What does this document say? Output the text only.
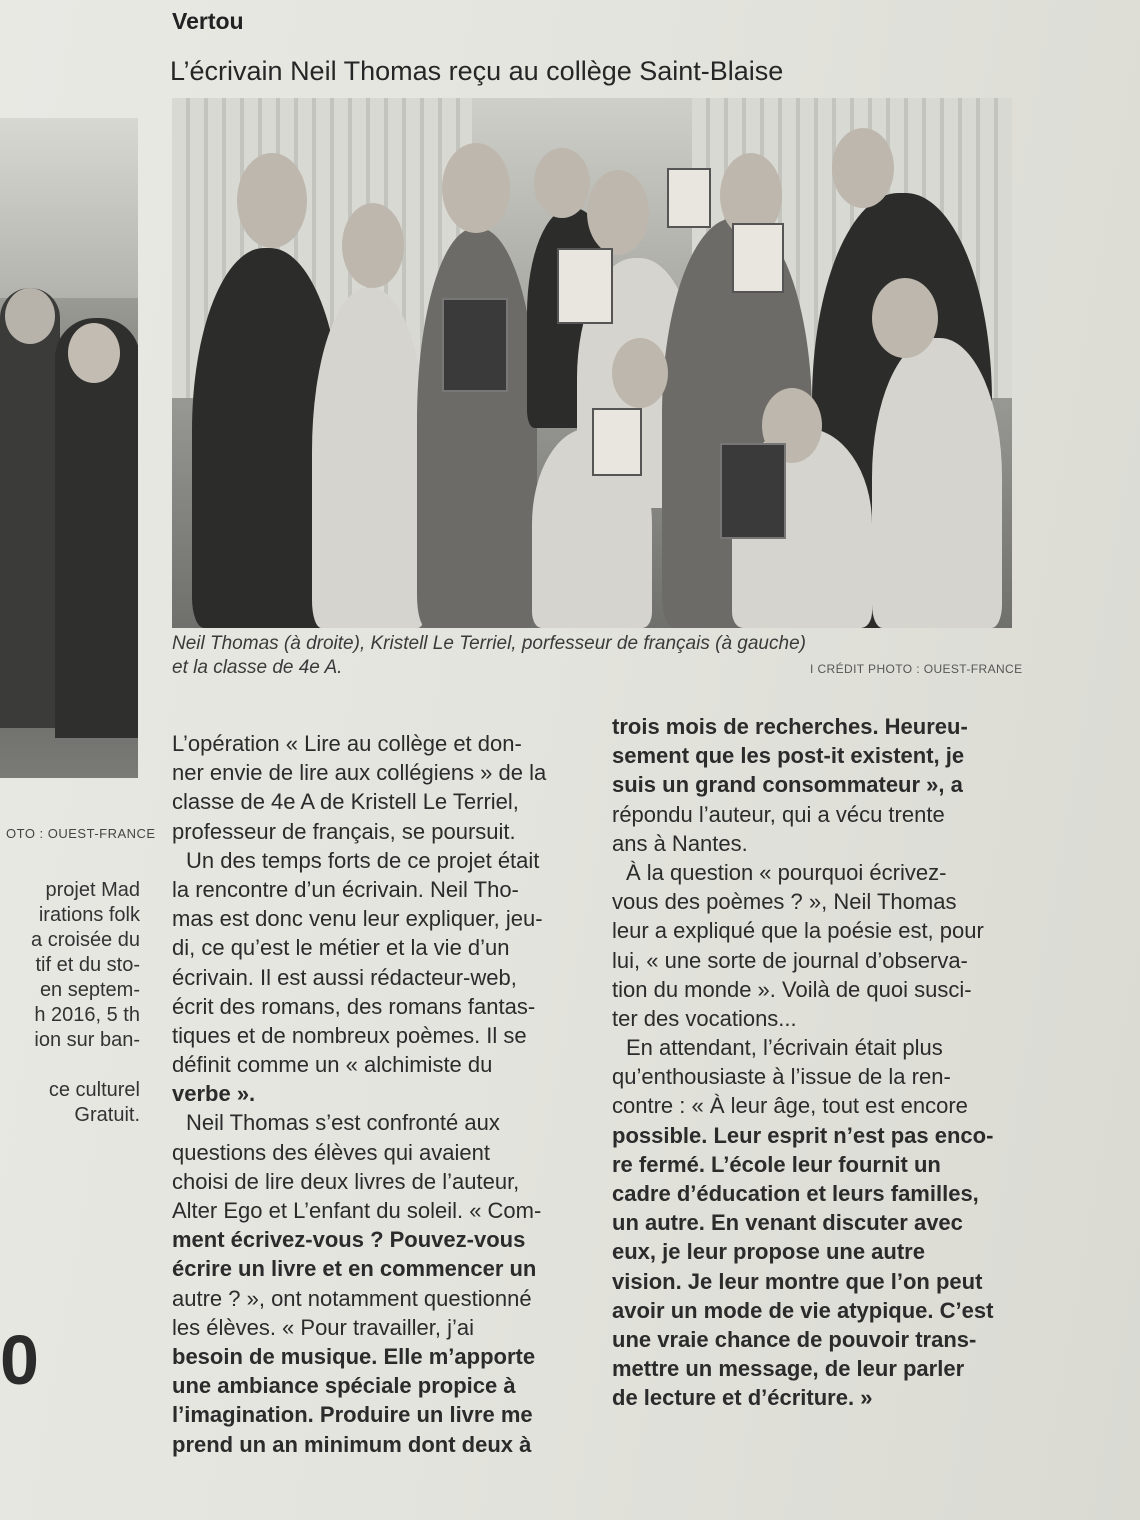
OTO : OUEST-FRANCE
projet Mad
irations folk
a croisée du
tif et du sto-
en septem-
h 2016, 5 th
ion sur ban-
ce culturel
Gratuit.
0
Vertou
L’écrivain Neil Thomas reçu au collège Saint-Blaise
Neil Thomas (à droite), Kristell Le Terriel, porfesseur de français (à gauche)
et la classe de 4e A.	I CRÉDIT PHOTO : OUEST-FRANCE
L’opération « Lire au collège et don-
ner envie de lire aux collégiens » de la
classe de 4e A de Kristell Le Terriel,
professeur de français, se poursuit.
Un des temps forts de ce projet était
la rencontre d’un écrivain. Neil Tho-
mas est donc venu leur expliquer, jeu-
di, ce qu’est le métier et la vie d’un
écrivain. Il est aussi rédacteur-web,
écrit des romans, des romans fantas-
tiques et de nombreux poèmes. Il se
définit comme un « alchimiste du
verbe ».
Neil Thomas s’est confronté aux
questions des élèves qui avaient
choisi de lire deux livres de l’auteur,
Alter Ego et L’enfant du soleil. « Com-
ment écrivez-vous ? Pouvez-vous
écrire un livre et en commencer un
autre ? », ont notamment questionné
les élèves. « Pour travailler, j’ai
besoin de musique. Elle m’apporte
une ambiance spéciale propice à
l’imagination. Produire un livre me
prend un an minimum dont deux à
trois mois de recherches. Heureu-
sement que les post-it existent, je
suis un grand consommateur », a
répondu l’auteur, qui a vécu trente
ans à Nantes.
À la question « pourquoi écrivez-
vous des poèmes ? », Neil Thomas
leur a expliqué que la poésie est, pour
lui, « une sorte de journal d’observa-
tion du monde ». Voilà de quoi susci-
ter des vocations...
En attendant, l’écrivain était plus
qu’enthousiaste à l’issue de la ren-
contre : « À leur âge, tout est encore
possible. Leur esprit n’est pas enco-
re fermé. L’école leur fournit un
cadre d’éducation et leurs familles,
un autre. En venant discuter avec
eux, je leur propose une autre
vision. Je leur montre que l’on peut
avoir un mode de vie atypique. C’est
une vraie chance de pouvoir trans-
mettre un message, de leur parler
de lecture et d’écriture. »
